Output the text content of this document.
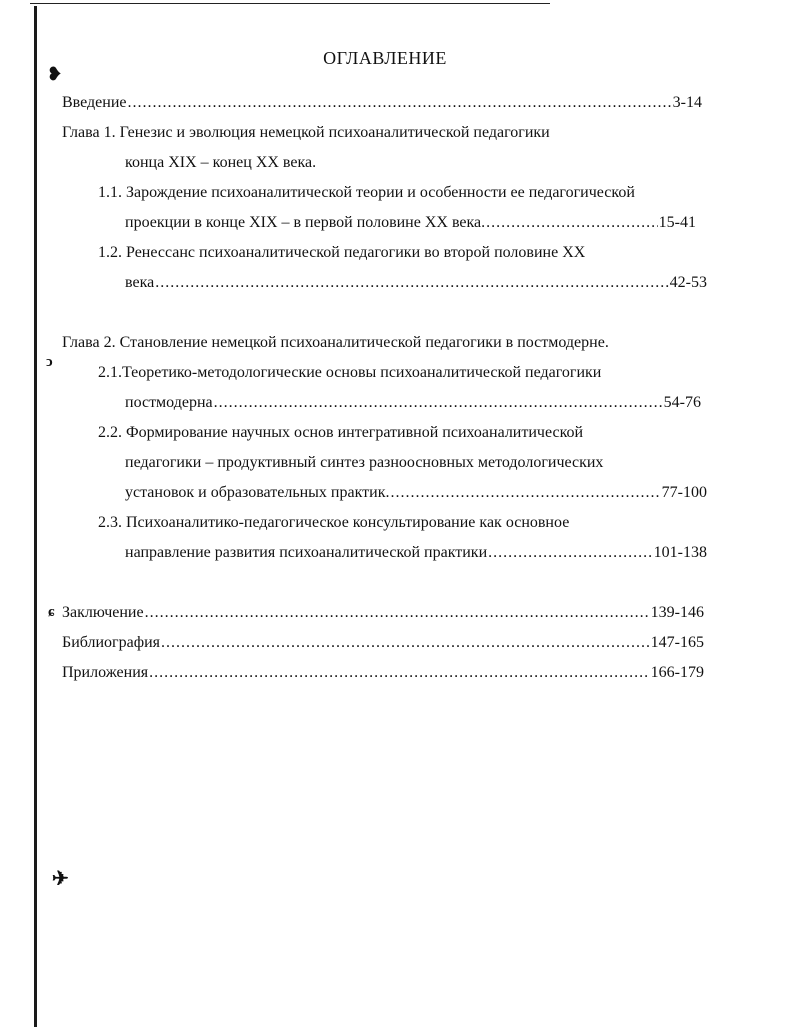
❥
ↄ
ɕ
✈
ОГЛАВЛЕНИЕ
Введение .....	3-14
Глава 1. Генезис и эволюция немецкой психоаналитической педагогики
конца XIX – конец XX века.
1.1. Зарождение психоаналитической теории и особенности ее педагогической
проекции в конце XIX – в первой половине XX века. .....	15-41
1.2. Ренессанс психоаналитической педагогики во второй половине XX
века .....	42-53
Глава 2. Становление немецкой психоаналитической педагогики в постмодерне.
2.1.Теоретико-методологические основы психоаналитической педагогики
постмодерна .....	54-76
2.2. Формирование научных основ интегративной психоаналитической
педагогики – продуктивный синтез разноосновных методологических
установок и образовательных практик. .....	77-100
2.3. Психоаналитико-педагогическое консультирование как основное
направление развития психоаналитической практики .....	101-138
Заключение .....	139-146
Библиография .....	147-165
Приложения .....	166-179
